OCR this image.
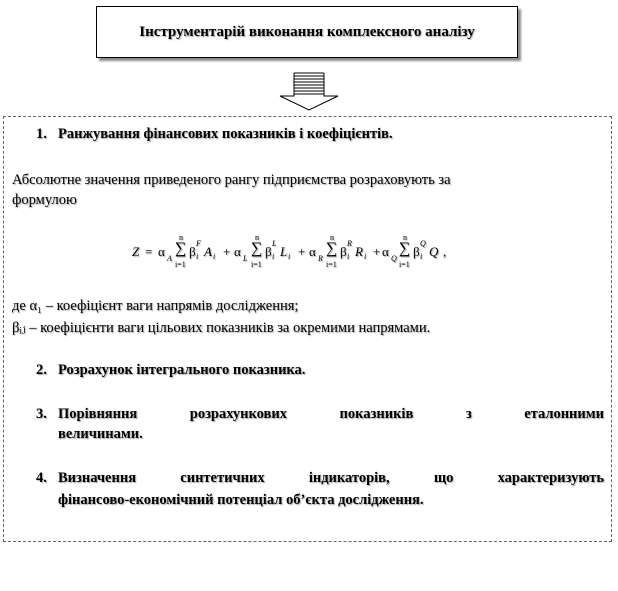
Інструментарій виконання комплексного аналізу
1. Ранжування фінансових показників і коефіцієнтів.
Абсолютне значення приведеного рангу підприємства розраховують за
формулою
Z = α A
n
∑
i=1
β
F
i A i + α L
n
∑
i=1
β
L
i L i + α R
n
∑
i=1
β
R
i R i + α Q
n
∑
i=1
β
Q
i Q ,
де α₁ – коефіцієнт ваги напрямів дослідження;
βᵢⱼ – коефіцієнти ваги цільових показників за окремими напрямами.
2. Розрахунок інтегрального показника.
3. Порівняння розрахункових показників з еталонними
величинами.
4. Визначення синтетичних індикаторів, що характеризують
фінансово-економічний потенціал об’єкта дослідження.
